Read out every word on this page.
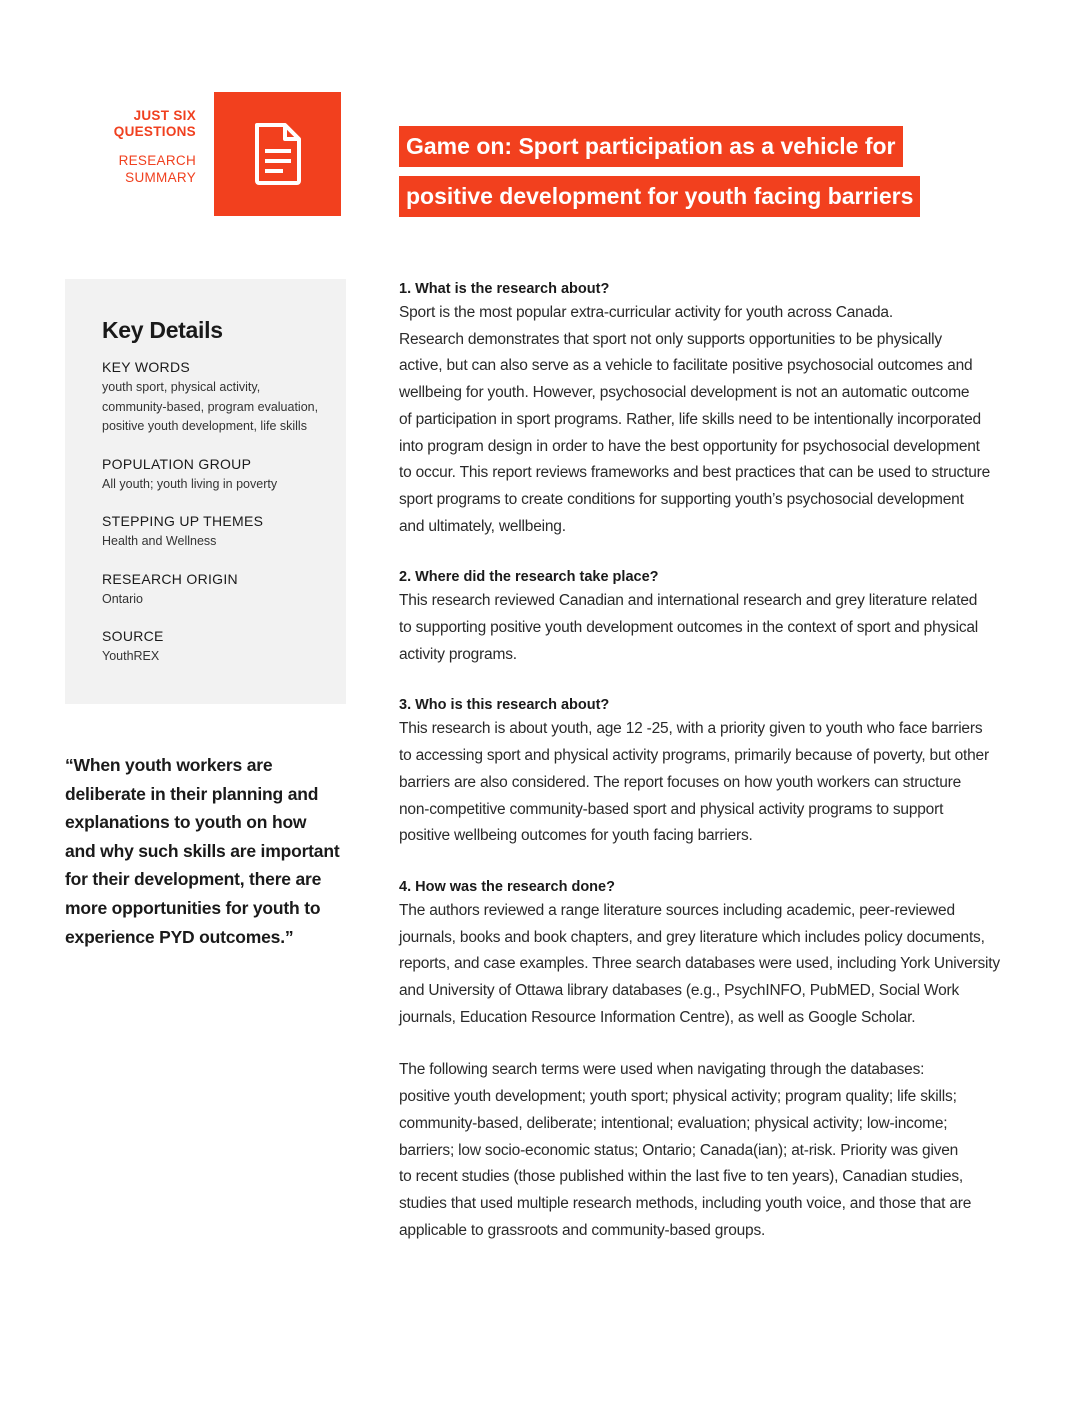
JUST SIX
QUESTIONS
RESEARCH
SUMMARY
Game on: Sport participation as a vehicle for
positive development for youth facing barriers
Key Details
KEY WORDS
youth sport, physical activity,
community-based, program evaluation,
positive youth development, life skills
POPULATION GROUP
All youth; youth living in poverty
STEPPING UP THEMES
Health and Wellness
RESEARCH ORIGIN
Ontario
SOURCE
YouthREX
“When youth workers are
deliberate in their planning and
explanations to youth on how
and why such skills are important
for their development, there are
more opportunities for youth to
experience PYD outcomes.”
1. What is the research about?
Sport is the most popular extra-curricular activity for youth across Canada.
Research demonstrates that sport not only supports opportunities to be physically
active, but can also serve as a vehicle to facilitate positive psychosocial outcomes and
wellbeing for youth. However, psychosocial development is not an automatic outcome
of participation in sport programs. Rather, life skills need to be intentionally incorporated
into program design in order to have the best opportunity for psychosocial development
to occur. This report reviews frameworks and best practices that can be used to structure
sport programs to create conditions for supporting youth’s psychosocial development
and ultimately, wellbeing.
2. Where did the research take place?
This research reviewed Canadian and international research and grey literature related
to supporting positive youth development outcomes in the context of sport and physical
activity programs.
3. Who is this research about?
This research is about youth, age 12 -25, with a priority given to youth who face barriers
to accessing sport and physical activity programs, primarily because of poverty, but other
barriers are also considered. The report focuses on how youth workers can structure
non-competitive community-based sport and physical activity programs to support
positive wellbeing outcomes for youth facing barriers.
4. How was the research done?
The authors reviewed a range literature sources including academic, peer-reviewed
journals, books and book chapters, and grey literature which includes policy documents,
reports, and case examples. Three search databases were used, including York University
and University of Ottawa library databases (e.g., PsychINFO, PubMED, Social Work
journals, Education Resource Information Centre), as well as Google Scholar.
The following search terms were used when navigating through the databases:
positive youth development; youth sport; physical activity; program quality; life skills;
community-based, deliberate; intentional; evaluation; physical activity; low-income;
barriers; low socio-economic status; Ontario; Canada(ian); at-risk. Priority was given
to recent studies (those published within the last five to ten years), Canadian studies,
studies that used multiple research methods, including youth voice, and those that are
applicable to grassroots and community-based groups.
